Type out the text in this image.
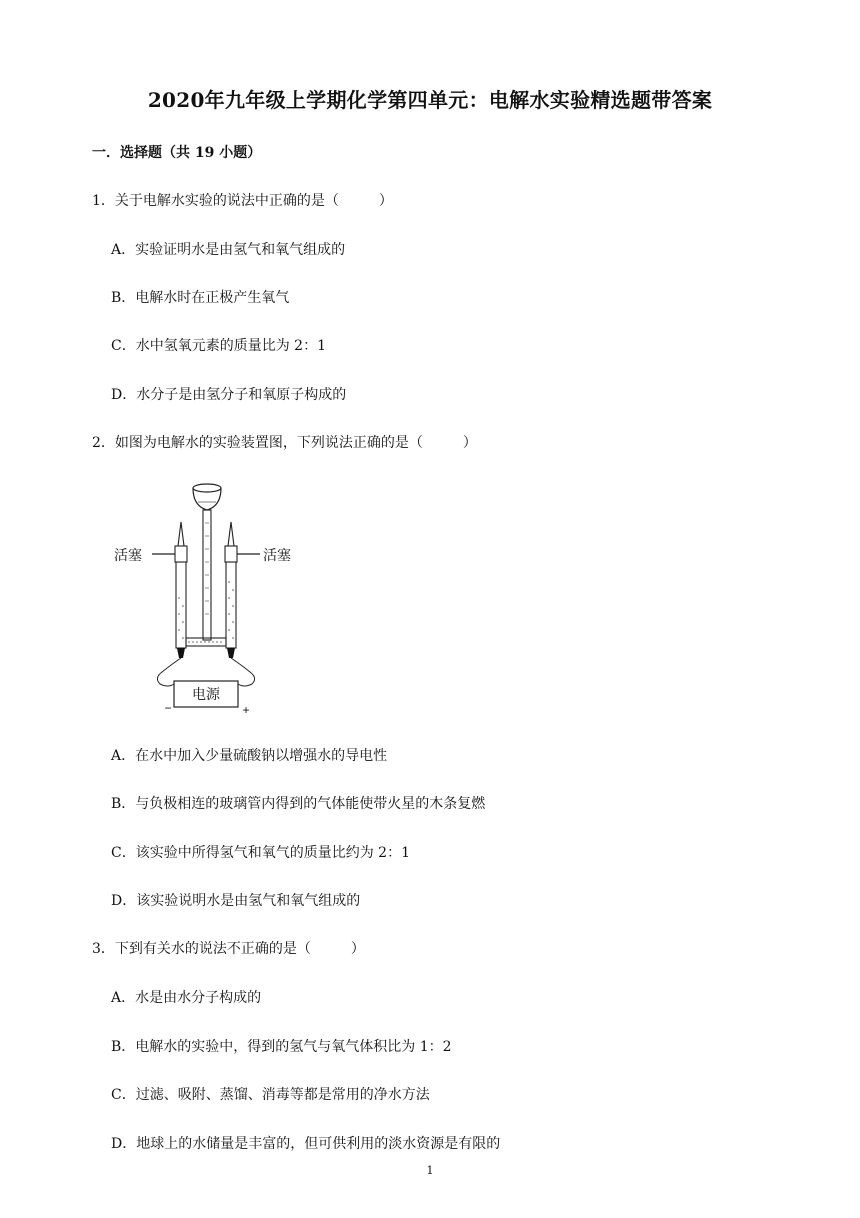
2020年九年级上学期化学第四单元：电解水实验精选题带答案
一．选择题（共 19 小题）
1．关于电解水实验的说法中正确的是（	）
A．实验证明水是由氢气和氧气组成的
B．电解水时在正极产生氧气
C．水中氢氧元素的质量比为 2：1
D．水分子是由氢分子和氧原子构成的
2．如图为电解水的实验装置图，下列说法正确的是（	）
电源
−	+
活塞	活塞
A．在水中加入少量硫酸钠以增强水的导电性
B．与负极相连的玻璃管内得到的气体能使带火星的木条复燃
C．该实验中所得氢气和氧气的质量比约为 2：1
D．该实验说明水是由氢气和氧气组成的
3．下到有关水的说法不正确的是（	）
A．水是由水分子构成的
B．电解水的实验中，得到的氢气与氧气体积比为 1：2
C．过滤、吸附、蒸馏、消毒等都是常用的净水方法
D．地球上的水储量是丰富的，但可供利用的淡水资源是有限的
1
